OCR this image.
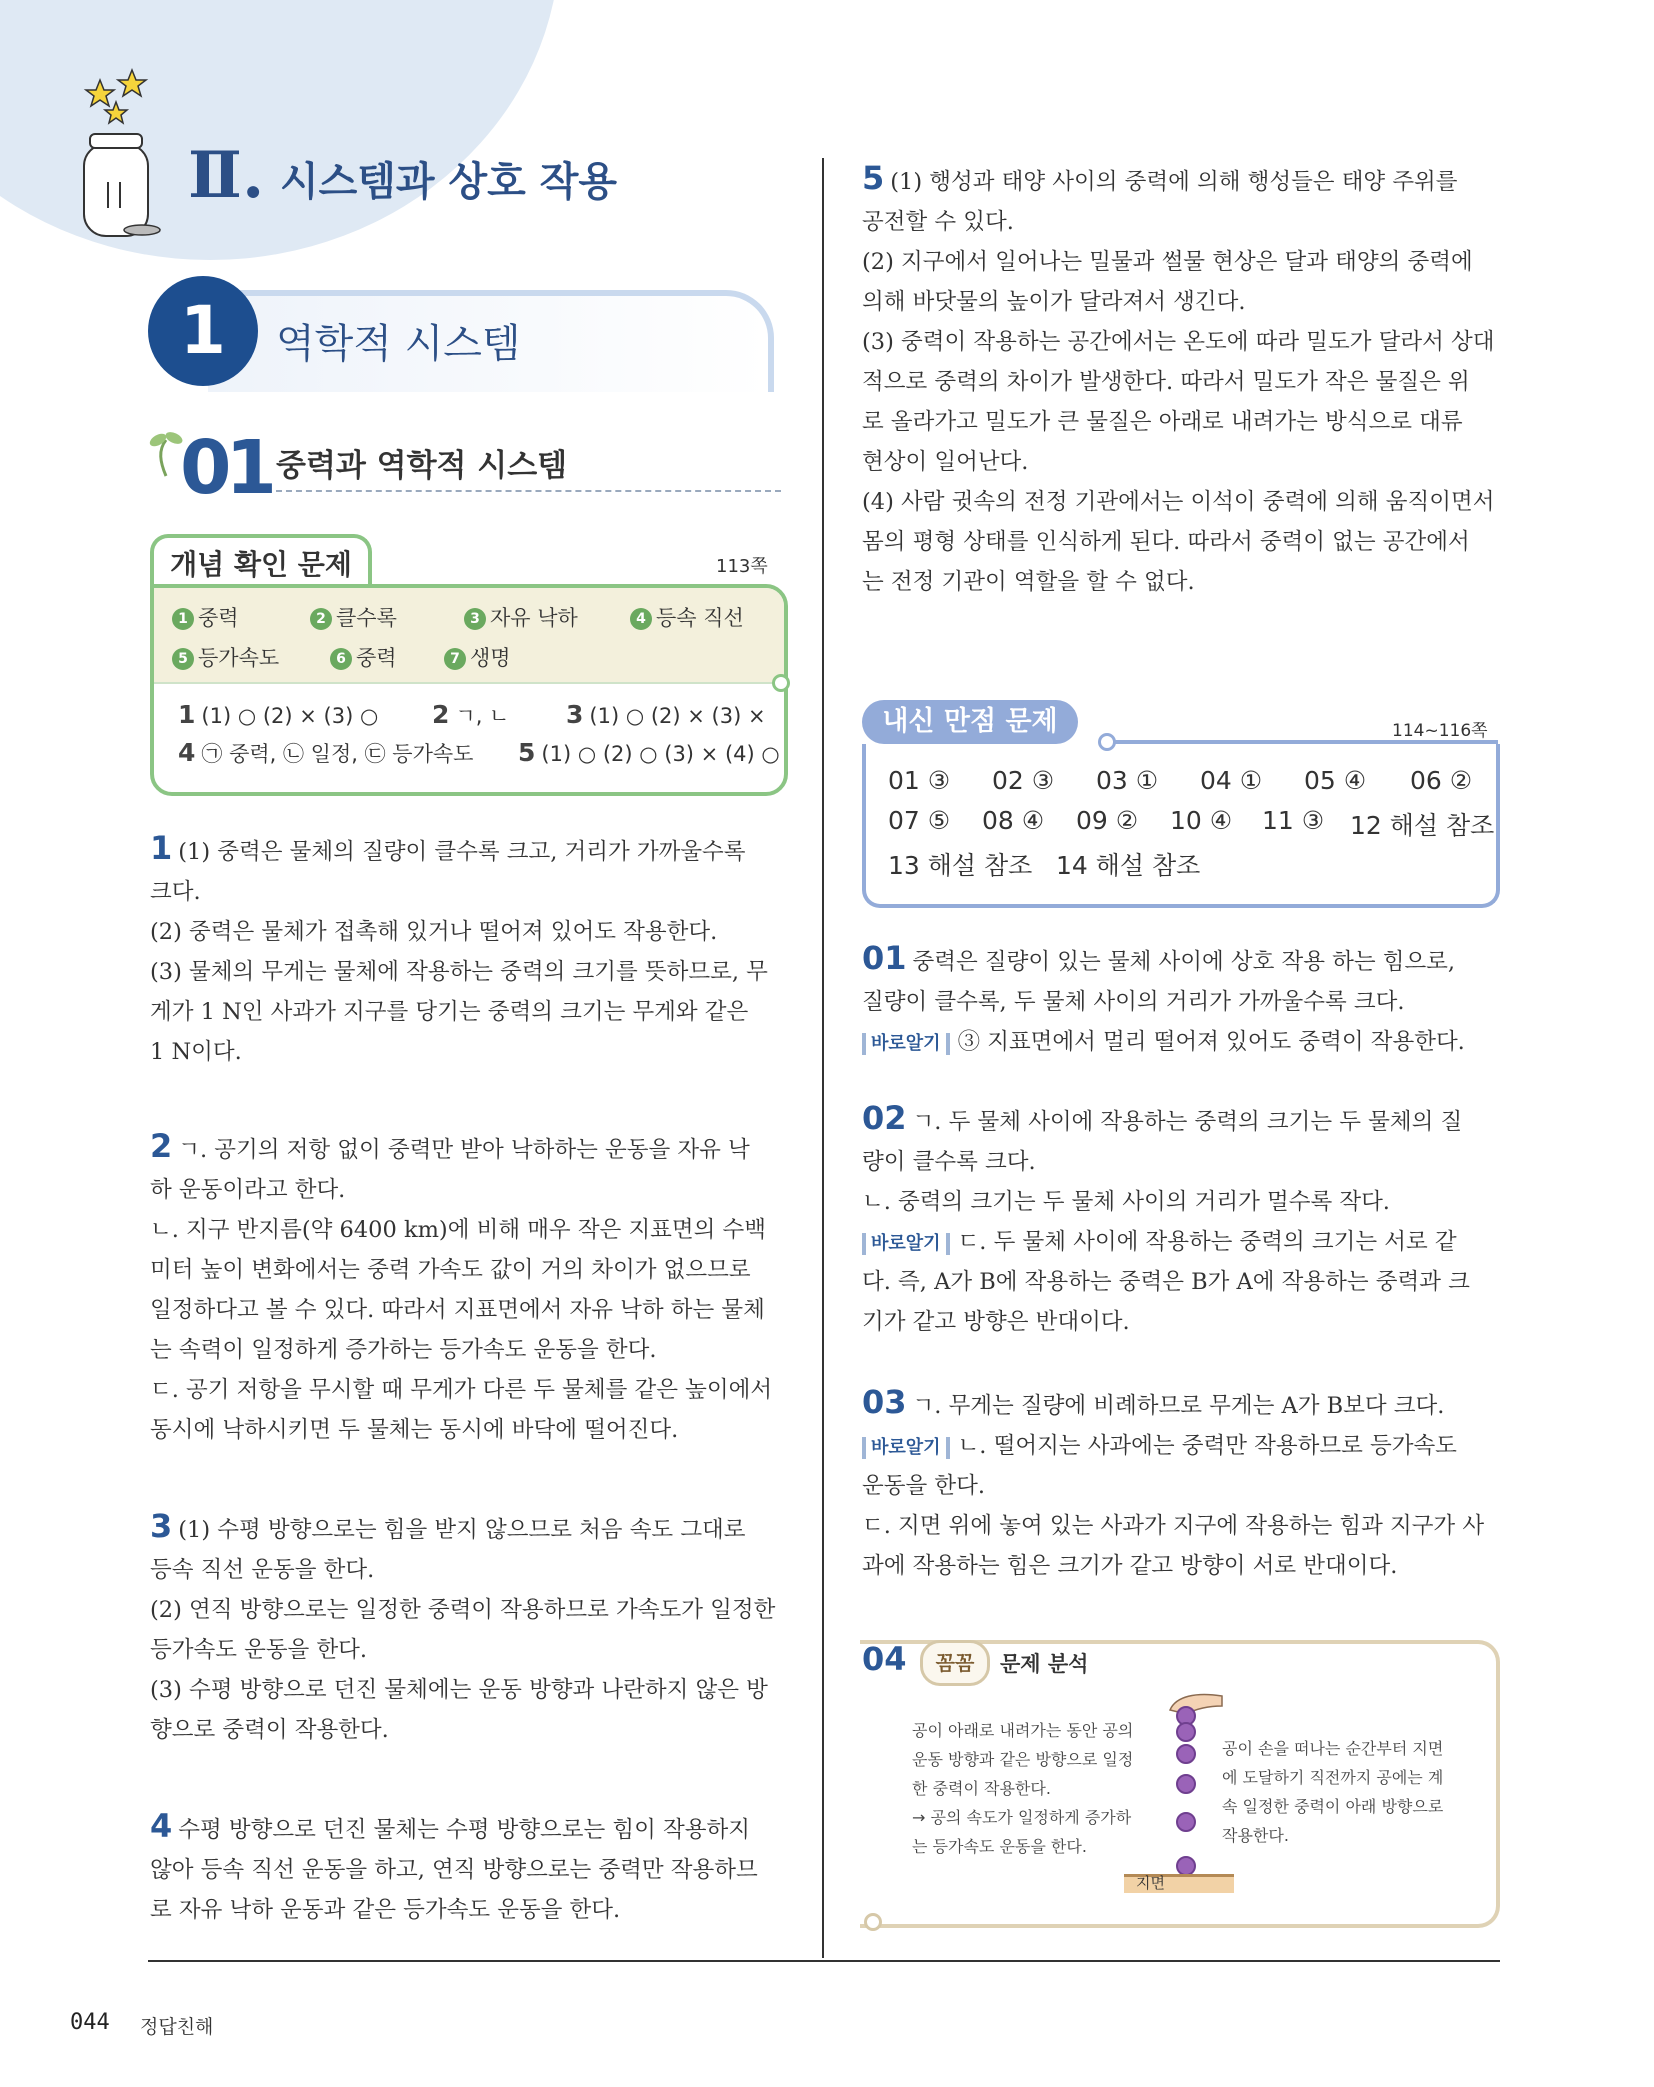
Ⅱ. 시스템과 상호 작용
1	역학적 시스템
01 중력과 역학적 시스템
개념 확인 문제	113쪽
1 중력	2 클수록	3 자유 낙하	4 등속 직선
5 등가속도	6 중력	7 생명
1 (1) ○ (2) × (3) ○ 2 ㄱ, ㄴ 3 (1) ○ (2) × (3) ×
4 ㉠ 중력, ㉡ 일정, ㉢ 등가속도 5 (1) ○ (2) ○ (3) × (4) ○
1 (1) 중력은 물체의 질량이 클수록 크고, 거리가 가까울수록
크다.
(2) 중력은 물체가 접촉해 있거나 떨어져 있어도 작용한다.
(3) 물체의 무게는 물체에 작용하는 중력의 크기를 뜻하므로, 무
게가 1 N인 사과가 지구를 당기는 중력의 크기는 무게와 같은
1 N이다.
2 ㄱ. 공기의 저항 없이 중력만 받아 낙하하는 운동을 자유 낙
하 운동이라고 한다.
ㄴ. 지구 반지름(약 6400 km)에 비해 매우 작은 지표면의 수백
미터 높이 변화에서는 중력 가속도 값이 거의 차이가 없으므로
일정하다고 볼 수 있다. 따라서 지표면에서 자유 낙하 하는 물체
는 속력이 일정하게 증가하는 등가속도 운동을 한다.
ㄷ. 공기 저항을 무시할 때 무게가 다른 두 물체를 같은 높이에서
동시에 낙하시키면 두 물체는 동시에 바닥에 떨어진다.
3 (1) 수평 방향으로는 힘을 받지 않으므로 처음 속도 그대로
등속 직선 운동을 한다.
(2) 연직 방향으로는 일정한 중력이 작용하므로 가속도가 일정한
등가속도 운동을 한다.
(3) 수평 방향으로 던진 물체에는 운동 방향과 나란하지 않은 방
향으로 중력이 작용한다.
4 수평 방향으로 던진 물체는 수평 방향으로는 힘이 작용하지
않아 등속 직선 운동을 하고, 연직 방향으로는 중력만 작용하므
로 자유 낙하 운동과 같은 등가속도 운동을 한다.
5 (1) 행성과 태양 사이의 중력에 의해 행성들은 태양 주위를
공전할 수 있다.
(2) 지구에서 일어나는 밀물과 썰물 현상은 달과 태양의 중력에
의해 바닷물의 높이가 달라져서 생긴다.
(3) 중력이 작용하는 공간에서는 온도에 따라 밀도가 달라서 상대
적으로 중력의 차이가 발생한다. 따라서 밀도가 작은 물질은 위
로 올라가고 밀도가 큰 물질은 아래로 내려가는 방식으로 대류
현상이 일어난다.
(4) 사람 귓속의 전정 기관에서는 이석이 중력에 의해 움직이면서
몸의 평형 상태를 인식하게 된다. 따라서 중력이 없는 공간에서
는 전정 기관이 역할을 할 수 없다.
내신 만점 문제	114~116쪽
01 ③ 02 ③ 03 ① 04 ① 05 ④ 06 ②
07 ⑤ 08 ④ 09 ② 10 ④ 11 ③ 12 해설 참조
13 해설 참조 14 해설 참조
01 중력은 질량이 있는 물체 사이에 상호 작용 하는 힘으로,
질량이 클수록, 두 물체 사이의 거리가 가까울수록 크다.
바로알기 ③ 지표면에서 멀리 떨어져 있어도 중력이 작용한다.
02 ㄱ. 두 물체 사이에 작용하는 중력의 크기는 두 물체의 질
량이 클수록 크다.
ㄴ. 중력의 크기는 두 물체 사이의 거리가 멀수록 작다.
바로알기 ㄷ. 두 물체 사이에 작용하는 중력의 크기는 서로 같
다. 즉, A가 B에 작용하는 중력은 B가 A에 작용하는 중력과 크
기가 같고 방향은 반대이다.
03 ㄱ. 무게는 질량에 비례하므로 무게는 A가 B보다 크다.
바로알기 ㄴ. 떨어지는 사과에는 중력만 작용하므로 등가속도
운동을 한다.
ㄷ. 지면 위에 놓여 있는 사과가 지구에 작용하는 힘과 지구가 사
과에 작용하는 힘은 크기가 같고 방향이 서로 반대이다.
04	꼼꼼	문제 분석
공이 아래로 내려가는 동안 공의
운동 방향과 같은 방향으로 일정
한 중력이 작용한다.
→ 공의 속도가 일정하게 증가하
는 등가속도 운동을 한다.
공이 손을 떠나는 순간부터 지면
에 도달하기 직전까지 공에는 계
속 일정한 중력이 아래 방향으로
작용한다.
지면
044 정답친해
